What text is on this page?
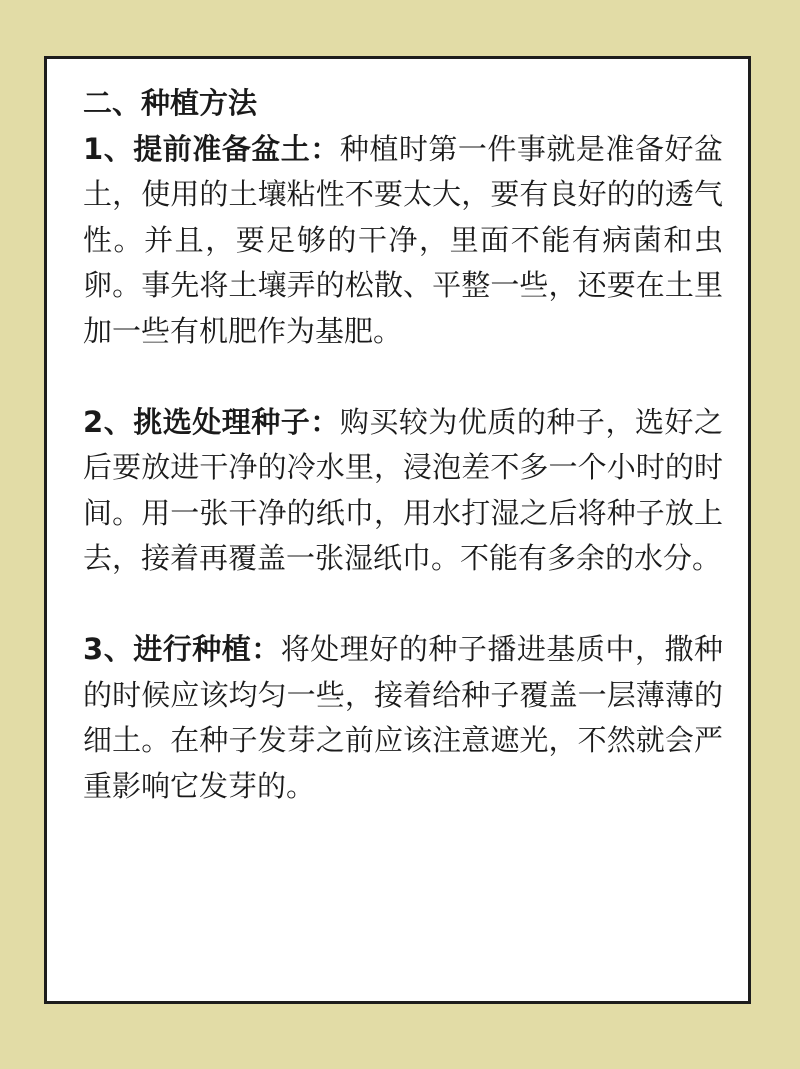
二、种植方法

1、提前准备盆土：种植时第一件事就是准备好盆土，使用的土壤粘性不要太大，要有良好的的透气性。并且，要足够的干净，里面不能有病菌和虫卵。事先将土壤弄的松散、平整一些，还要在土里加一些有机肥作为基肥。

2、挑选处理种子：购买较为优质的种子，选好之后要放进干净的冷水里，浸泡差不多一个小时的时间。用一张干净的纸巾，用水打湿之后将种子放上去，接着再覆盖一张湿纸巾。不能有多余的水分。

3、进行种植：将处理好的种子播进基质中，撒种的时候应该均匀一些，接着给种子覆盖一层薄薄的细土。在种子发芽之前应该注意遮光，不然就会严重影响它发芽的。
